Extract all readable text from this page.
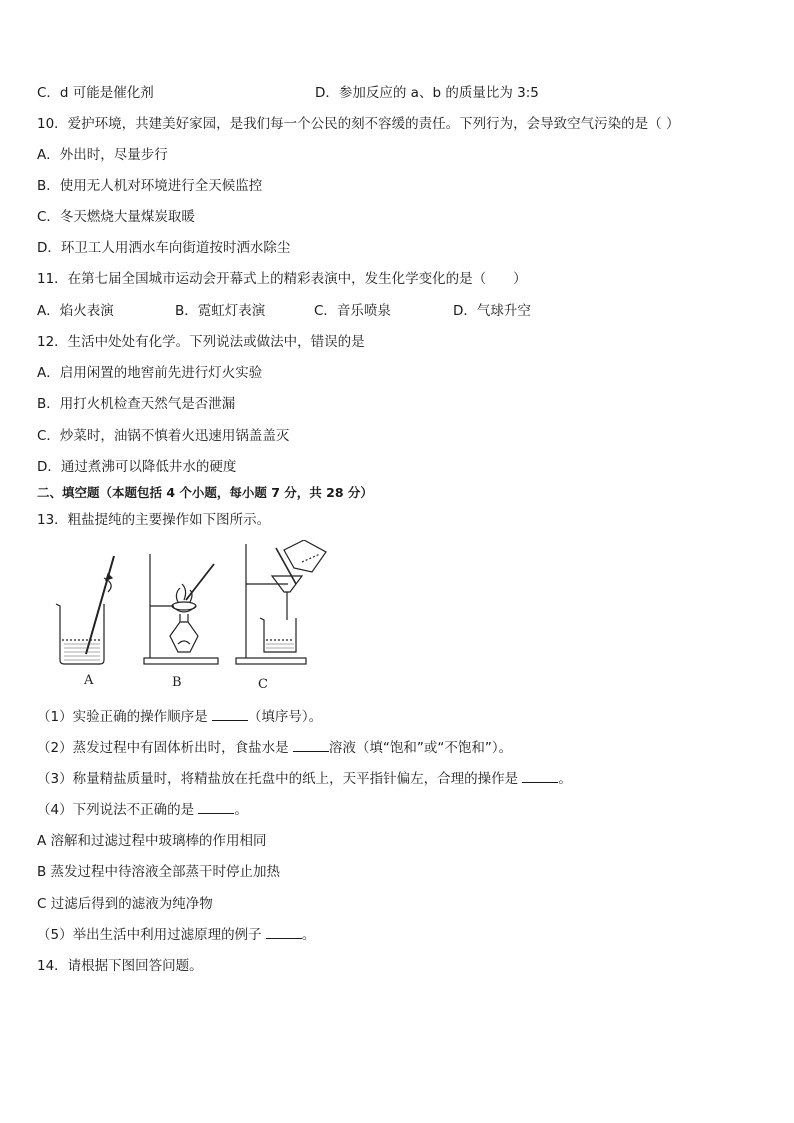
C．d 可能是催化剂	D．参加反应的 a、b 的质量比为 3:5
10．爱护环境，共建美好家园，是我们每一个公民的刻不容缓的责任。下列行为，会导致空气污染的是（ ）
A．外出时，尽量步行
B．使用无人机对环境进行全天候监控
C．冬天燃烧大量煤炭取暖
D．环卫工人用洒水车向街道按时洒水除尘
11．在第七届全国城市运动会开幕式上的精彩表演中，发生化学变化的是（　　）
A．焰火表演	B．霓虹灯表演	C．音乐喷泉	D．气球升空
12．生活中处处有化学。下列说法或做法中，错误的是
A．启用闲置的地窖前先进行灯火实验
B．用打火机检查天然气是否泄漏
C．炒菜时，油锅不慎着火迅速用锅盖盖灭
D．通过煮沸可以降低井水的硬度
二、填空题（本题包括 4 个小题，每小题 7 分，共 28 分）
13．粗盐提纯的主要操作如下图所示。
A	B	C
（1）实验正确的操作顺序是	（填序号）。
（2）蒸发过程中有固体析出时，食盐水是	溶液（填“饱和”或“不饱和”）。
（3）称量精盐质量时，将精盐放在托盘中的纸上，天平指针偏左，合理的操作是	。
（4）下列说法不正确的是	。
A 溶解和过滤过程中玻璃棒的作用相同
B 蒸发过程中待溶液全部蒸干时停止加热
C 过滤后得到的滤液为纯净物
（5）举出生活中利用过滤原理的例子	。
14．请根据下图回答问题。
